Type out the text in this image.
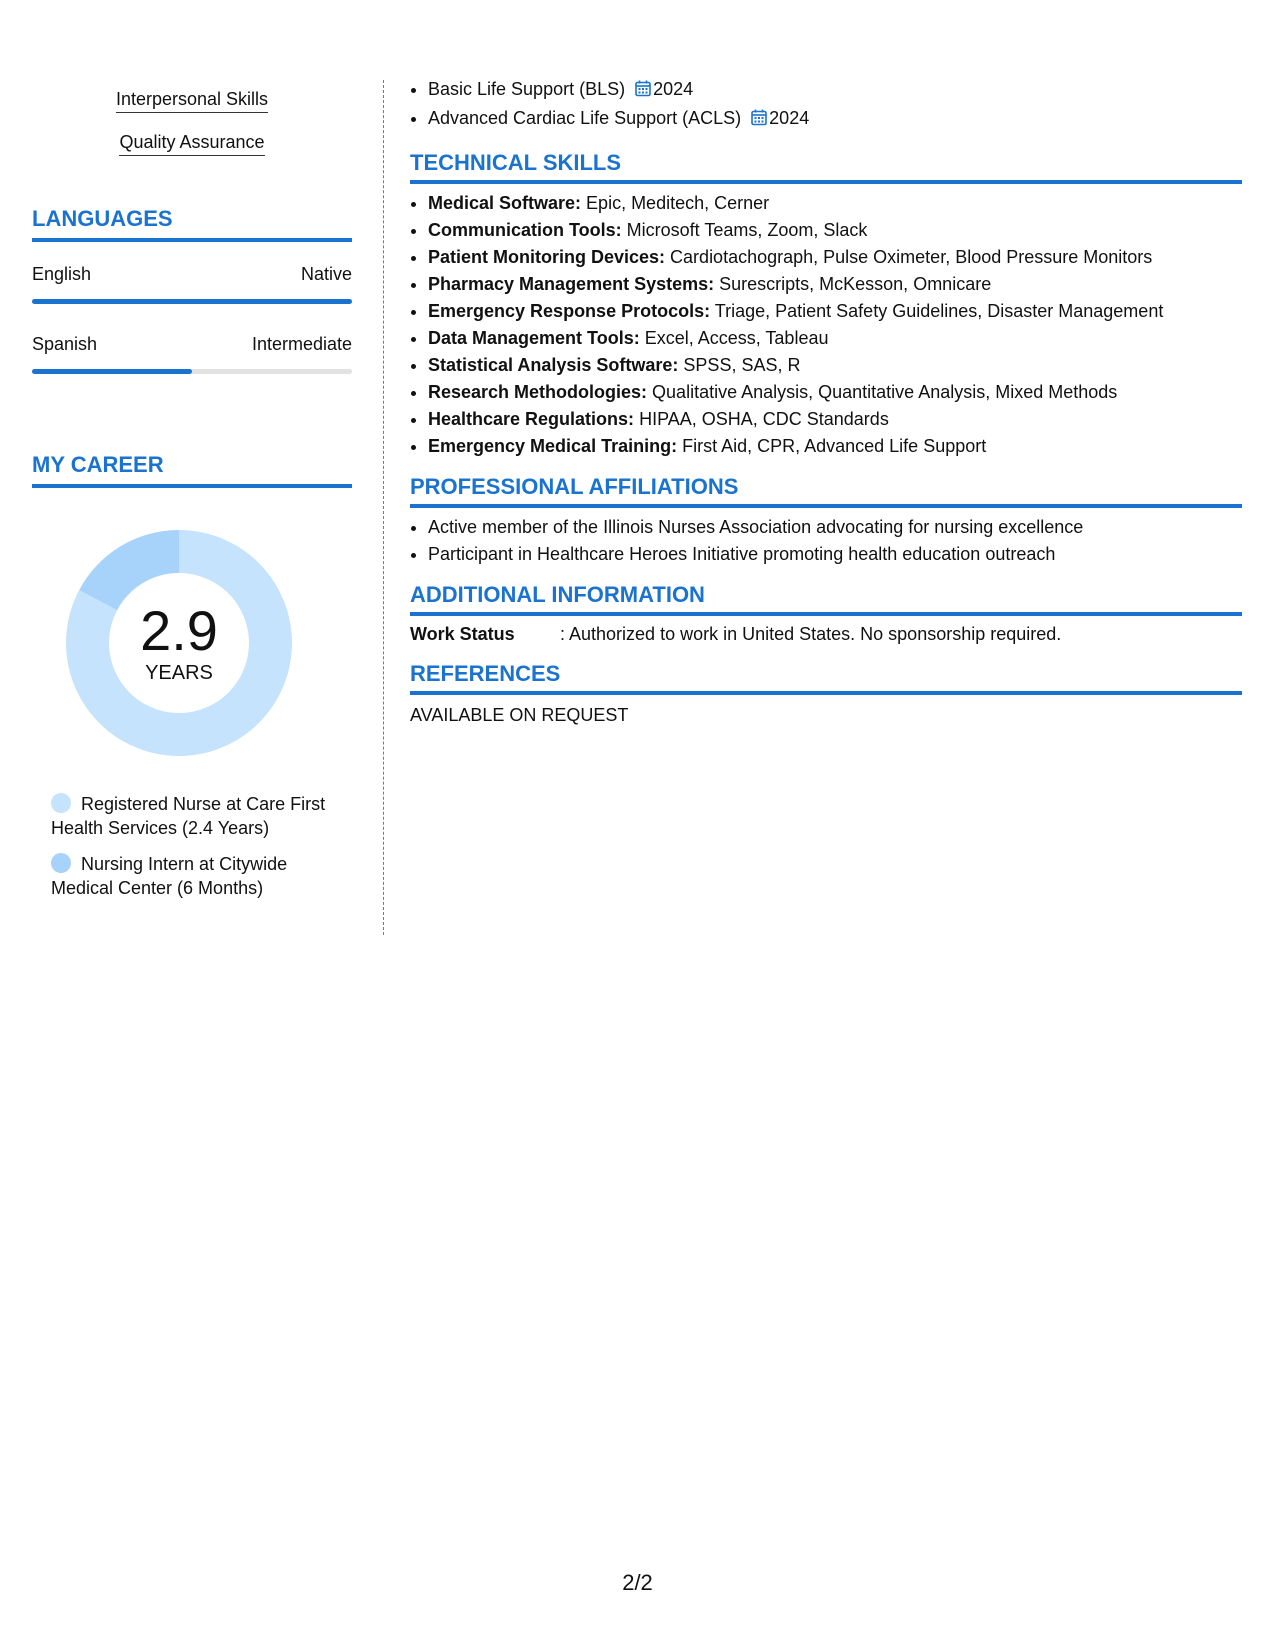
Interpersonal Skills
Quality Assurance
LANGUAGES
English	Native
Spanish	Intermediate
MY CAREER
2.9
YEARS
Registered Nurse at Care First Health Services (2.4 Years)
Nursing Intern at Citywide Medical Center (6 Months)
• Basic Life Support (BLS) 2024
• Advanced Cardiac Life Support (ACLS) 2024
TECHNICAL SKILLS
• Medical Software: Epic, Meditech, Cerner
• Communication Tools: Microsoft Teams, Zoom, Slack
• Patient Monitoring Devices: Cardiotachograph, Pulse Oximeter, Blood Pressure Monitors
• Pharmacy Management Systems: Surescripts, McKesson, Omnicare
• Emergency Response Protocols: Triage, Patient Safety Guidelines, Disaster Management
• Data Management Tools: Excel, Access, Tableau
• Statistical Analysis Software: SPSS, SAS, R
• Research Methodologies: Qualitative Analysis, Quantitative Analysis, Mixed Methods
• Healthcare Regulations: HIPAA, OSHA, CDC Standards
• Emergency Medical Training: First Aid, CPR, Advanced Life Support
PROFESSIONAL AFFILIATIONS
• Active member of the Illinois Nurses Association advocating for nursing excellence
• Participant in Healthcare Heroes Initiative promoting health education outreach
ADDITIONAL INFORMATION
Work Status	: Authorized to work in United States. No sponsorship required.
REFERENCES
AVAILABLE ON REQUEST
2/2
